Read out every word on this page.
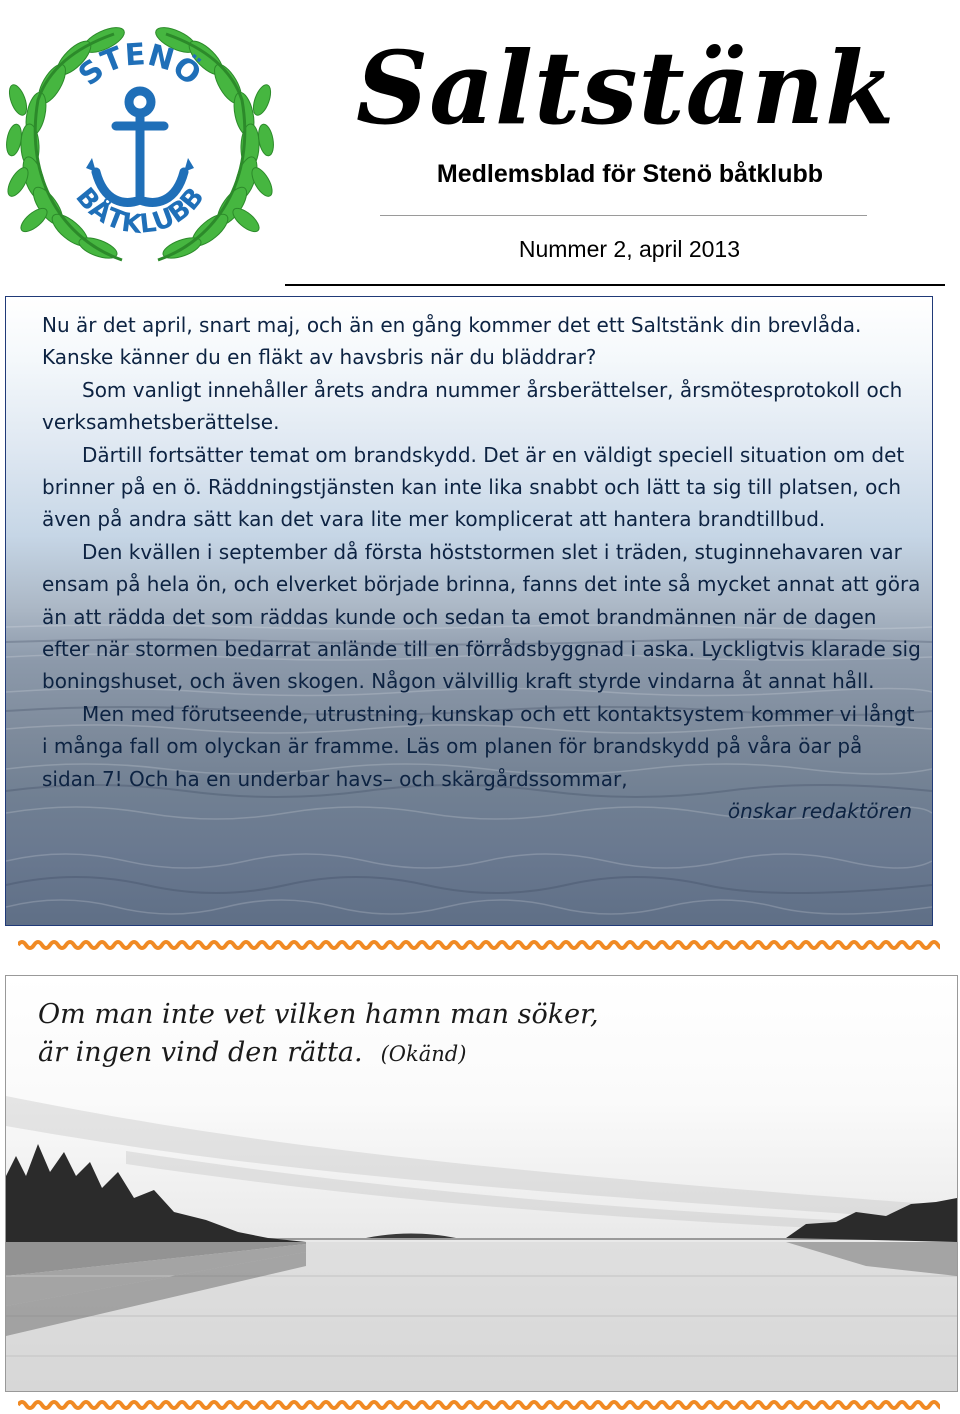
STENÖ
BÅTKLUBB
Saltstänk
Medlemsblad för Stenö båtklubb
Nummer 2, april 2013

Nu är det april, snart maj, och än en gång kommer det ett Saltstänk din brevlåda. Kanske känner du en fläkt av havsbris när du bläddrar?

Som vanligt innehåller årets andra nummer årsberättelser, årsmötesprotokoll och verksamhetsberättelse.

Därtill fortsätter temat om brandskydd. Det är en väldigt speciell situation om det brinner på en ö. Räddningstjänsten kan inte lika snabbt och lätt ta sig till platsen, och även på andra sätt kan det vara lite mer komplicerat att hantera brandtillbud.

Den kvällen i september då första höststormen slet i träden, stuginnehavaren var ensam på hela ön, och elverket började brinna, fanns det inte så mycket annat att göra än att rädda det som räddas kunde och sedan ta emot brandmännen när de dagen efter när stormen bedarrat anlände till en förrådsbyggnad i aska. Lyckligtvis klarade sig boningshuset, och även skogen. Någon välvillig kraft styrde vindarna åt annat håll.

Men med förutseende, utrustning, kunskap och ett kontaktsystem kommer vi långt i många fall om olyckan är framme. Läs om planen för brandskydd på våra öar på sidan 7! Och ha en underbar havs– och skärgårdssommar,

önskar redaktören

Om man inte vet vilken hamn man söker,
är ingen vind den rätta. (Okänd)
